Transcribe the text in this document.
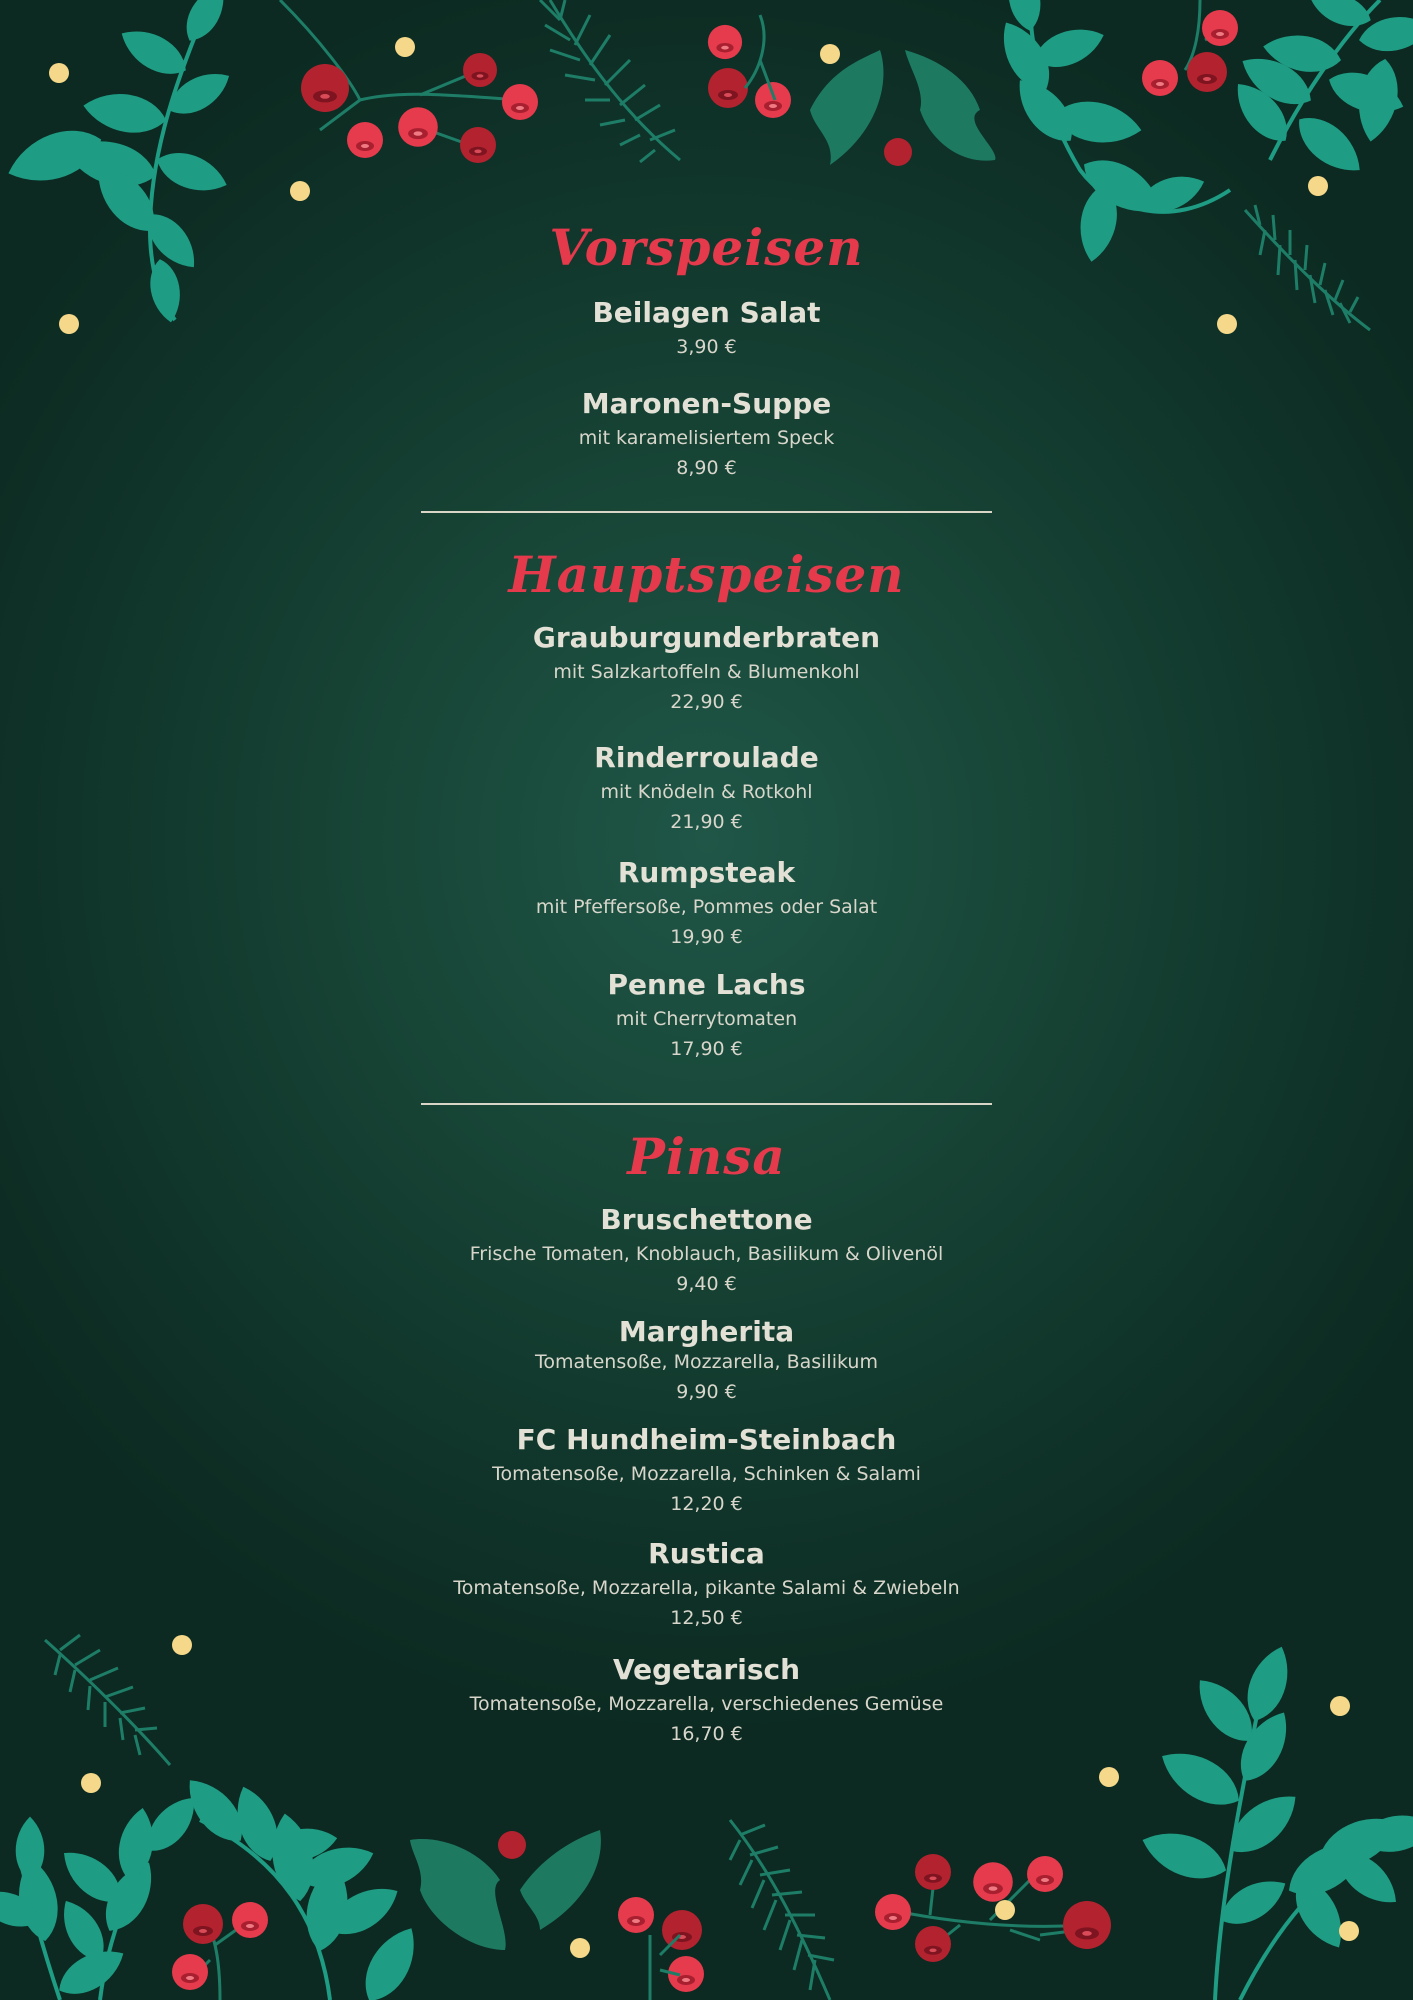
Vorspeisen
Beilagen Salat
3,90 €
Maronen-Suppe
mit karamelisiertem Speck
8,90 €
Hauptspeisen
Grauburgunderbraten
mit Salzkartoffeln & Blumenkohl
22,90 €
Rinderroulade
mit Knödeln & Rotkohl
21,90 €
Rumpsteak
mit Pfeffersoße, Pommes oder Salat
19,90 €
Penne Lachs
mit Cherrytomaten
17,90 €
Pinsa
Bruschettone
Frische Tomaten, Knoblauch, Basilikum & Olivenöl
9,40 €
Margherita
Tomatensoße, Mozzarella, Basilikum
9,90 €
FC Hundheim-Steinbach
Tomatensoße, Mozzarella, Schinken & Salami
12,20 €
Rustica
Tomatensoße, Mozzarella, pikante Salami & Zwiebeln
12,50 €
Vegetarisch
Tomatensoße, Mozzarella, verschiedenes Gemüse
16,70 €
